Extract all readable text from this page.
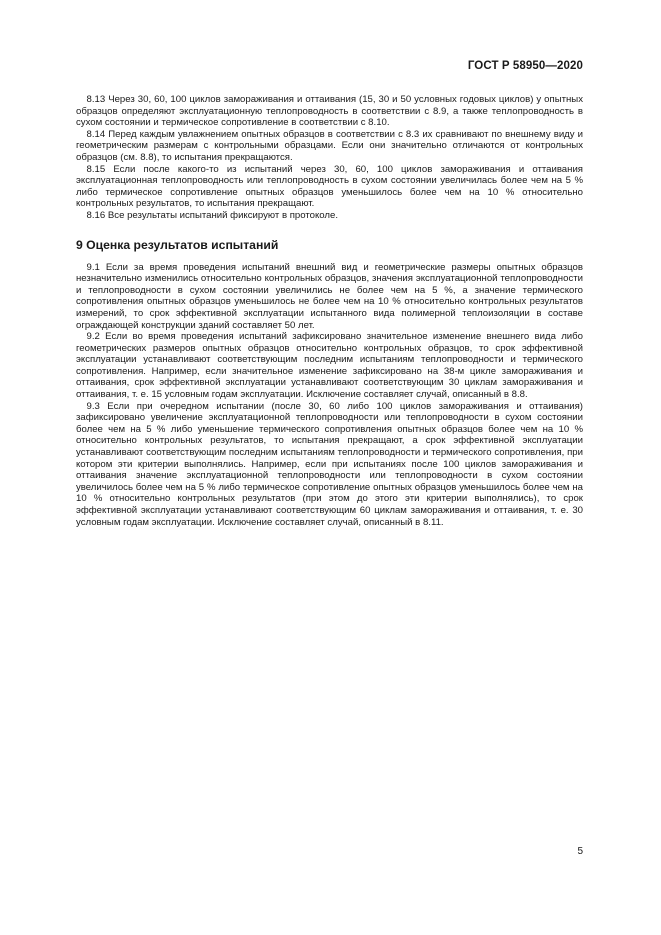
ГОСТ Р 58950—2020

8.13 Через 30, 60, 100 циклов замораживания и оттаивания (15, 30 и 50 условных годовых циклов) у опытных образцов определяют эксплуатационную теплопроводность в соответствии с 8.9, а также теплопроводность в сухом состоянии и термическое сопротивление в соответствии с 8.10.

8.14 Перед каждым увлажнением опытных образцов в соответствии с 8.3 их сравнивают по внешнему виду и геометрическим размерам с контрольными образцами. Если они значительно отличаются от контрольных образцов (см. 8.8), то испытания прекращаются.

8.15 Если после какого-то из испытаний через 30, 60, 100 циклов замораживания и оттаивания эксплуатационная теплопроводность или теплопроводность в сухом состоянии увеличилась более чем на 5 % либо термическое сопротивление опытных образцов уменьшилось более чем на 10 % относительно контрольных результатов, то испытания прекращают.

8.16 Все результаты испытаний фиксируют в протоколе.

9 Оценка результатов испытаний

9.1 Если за время проведения испытаний внешний вид и геометрические размеры опытных образцов незначительно изменились относительно контрольных образцов, значения эксплуатационной теплопроводности и теплопроводности в сухом состоянии увеличились не более чем на 5 %, а значение термического сопротивления опытных образцов уменьшилось не более чем на 10 % относительно контрольных результатов измерений, то срок эффективной эксплуатации испытанного вида полимерной теплоизоляции в составе ограждающей конструкции зданий составляет 50 лет.

9.2 Если во время проведения испытаний зафиксировано значительное изменение внешнего вида либо геометрических размеров опытных образцов относительно контрольных образцов, то срок эффективной эксплуатации устанавливают соответствующим последним испытаниям теплопроводности и термического сопротивления. Например, если значительное изменение зафиксировано на 38-м цикле замораживания и оттаивания, срок эффективной эксплуатации устанавливают соответствующим 30 циклам замораживания и оттаивания, т. е. 15 условным годам эксплуатации. Исключение составляет случай, описанный в 8.8.

9.3 Если при очередном испытании (после 30, 60 либо 100 циклов замораживания и оттаивания) зафиксировано увеличение эксплуатационной теплопроводности или теплопроводности в сухом состоянии более чем на 5 % либо уменьшение термического сопротивления опытных образцов более чем на 10 % относительно контрольных результатов, то испытания прекращают, а срок эффективной эксплуатации устанавливают соответствующим последним испытаниям теплопроводности и термического сопротивления, при котором эти критерии выполнялись. Например, если при испытаниях после 100 циклов замораживания и оттаивания значение эксплуатационной теплопроводности или теплопроводности в сухом состоянии увеличилось более чем на 5 % либо термическое сопротивление опытных образцов уменьшилось более чем на 10 % относительно контрольных результатов (при этом до этого эти критерии выполнялись), то срок эффективной эксплуатации устанавливают соответствующим 60 циклам замораживания и оттаивания, т. е. 30 условным годам эксплуатации. Исключение составляет случай, описанный в 8.11.

5
